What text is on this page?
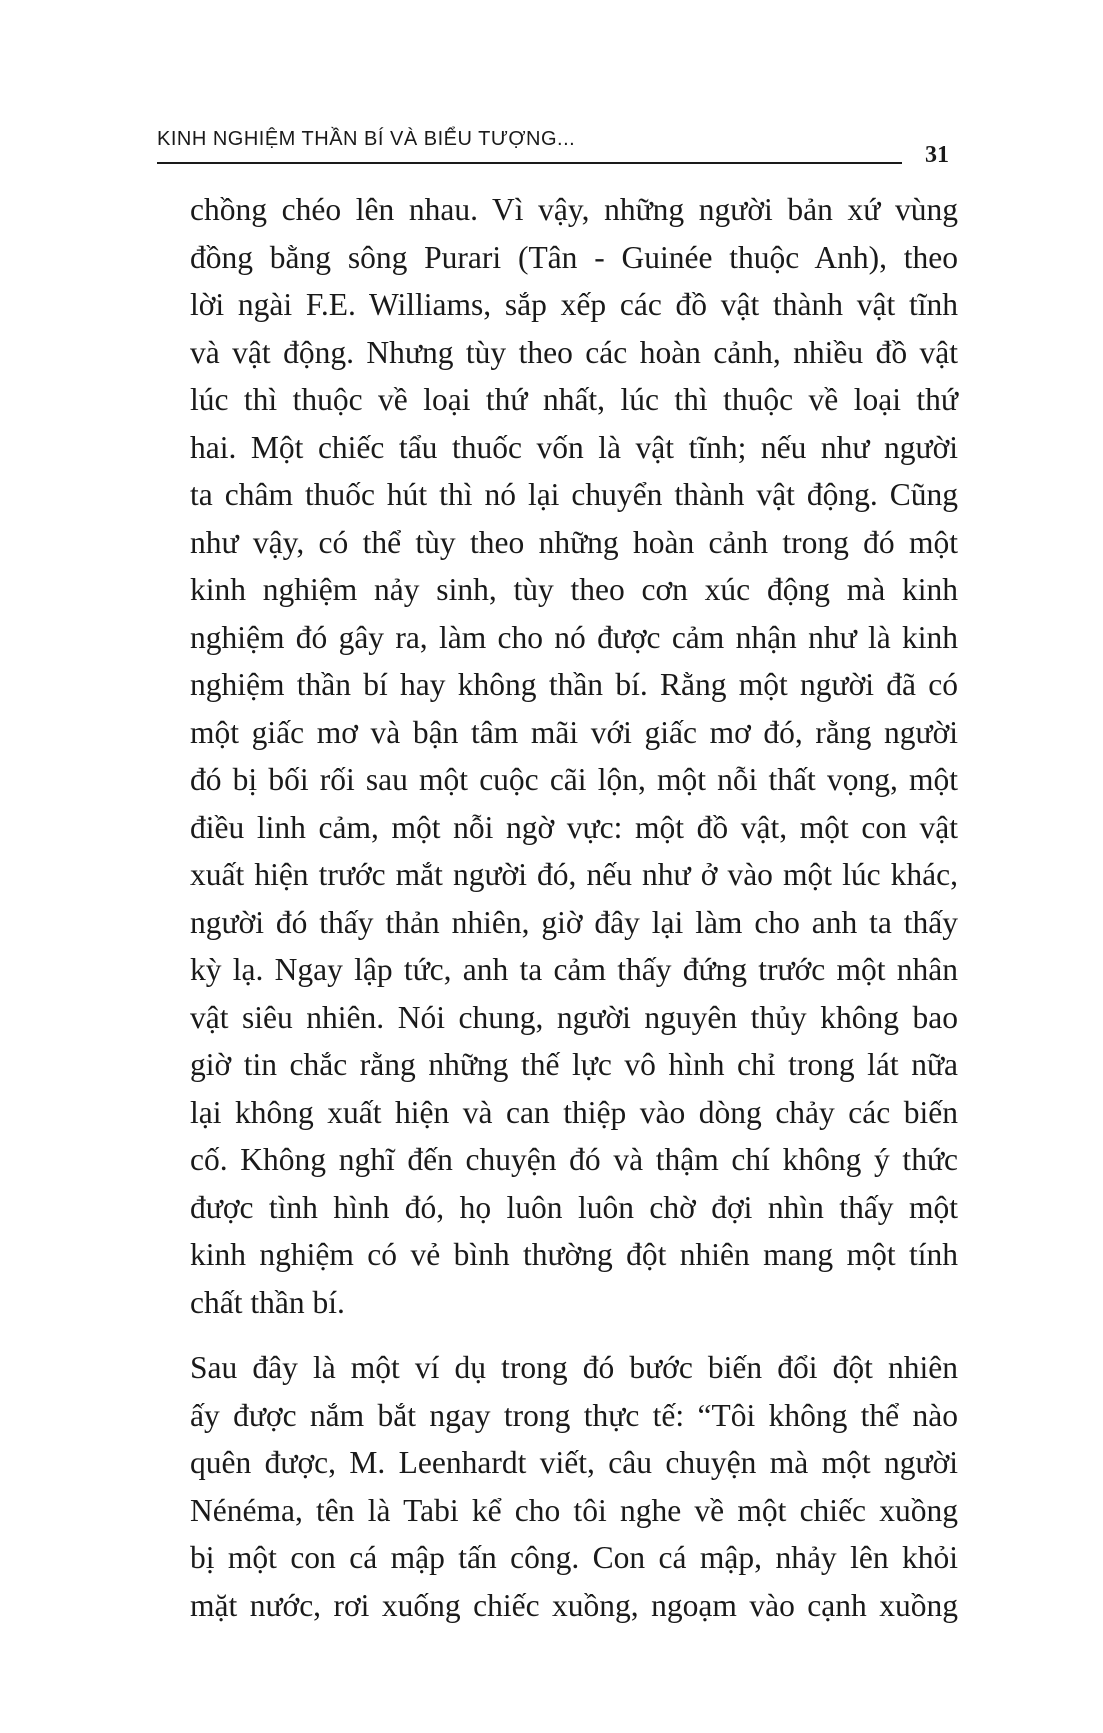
KINH NGHIỆM THẦN BÍ VÀ BIỂU TƯỢNG...
31
chồng chéo lên nhau. Vì vậy, những người bản xứ vùng
đồng bằng sông Purari (Tân - Guinée thuộc Anh), theo
lời ngài F.E. Williams, sắp xếp các đồ vật thành vật tĩnh
và vật động. Nhưng tùy theo các hoàn cảnh, nhiều đồ vật
lúc thì thuộc về loại thứ nhất, lúc thì thuộc về loại thứ
hai. Một chiếc tẩu thuốc vốn là vật tĩnh; nếu như người
ta châm thuốc hút thì nó lại chuyển thành vật động. Cũng
như vậy, có thể tùy theo những hoàn cảnh trong đó một
kinh nghiệm nảy sinh, tùy theo cơn xúc động mà kinh
nghiệm đó gây ra, làm cho nó được cảm nhận như là kinh
nghiệm thần bí hay không thần bí. Rằng một người đã có
một giấc mơ và bận tâm mãi với giấc mơ đó, rằng người
đó bị bối rối sau một cuộc cãi lộn, một nỗi thất vọng, một
điều linh cảm, một nỗi ngờ vực: một đồ vật, một con vật
xuất hiện trước mắt người đó, nếu như ở vào một lúc khác,
người đó thấy thản nhiên, giờ đây lại làm cho anh ta thấy
kỳ lạ. Ngay lập tức, anh ta cảm thấy đứng trước một nhân
vật siêu nhiên. Nói chung, người nguyên thủy không bao
giờ tin chắc rằng những thế lực vô hình chỉ trong lát nữa
lại không xuất hiện và can thiệp vào dòng chảy các biến
cố. Không nghĩ đến chuyện đó và thậm chí không ý thức
được tình hình đó, họ luôn luôn chờ đợi nhìn thấy một
kinh nghiệm có vẻ bình thường đột nhiên mang một tính
chất thần bí.
Sau đây là một ví dụ trong đó bước biến đổi đột nhiên
ấy được nắm bắt ngay trong thực tế: “Tôi không thể nào
quên được, M. Leenhardt viết, câu chuyện mà một người
Nénéma, tên là Tabi kể cho tôi nghe về một chiếc xuồng
bị một con cá mập tấn công. Con cá mập, nhảy lên khỏi
mặt nước, rơi xuống chiếc xuồng, ngoạm vào cạnh xuồng
